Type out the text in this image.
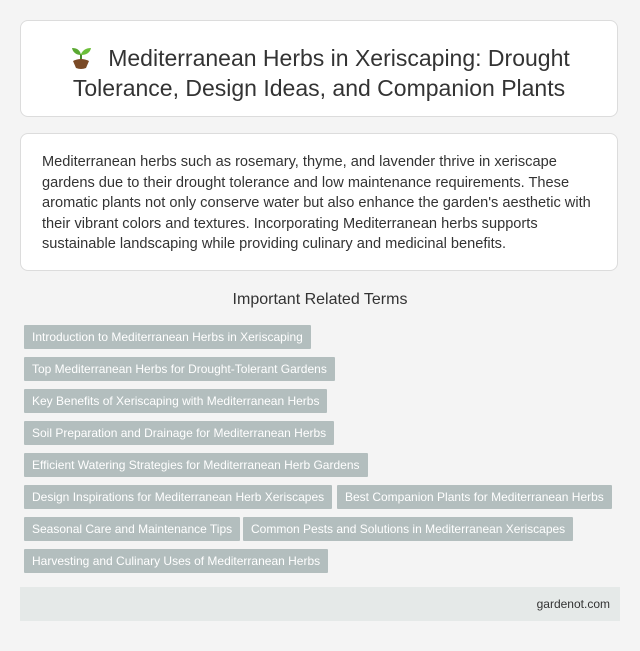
Mediterranean Herbs in Xeriscaping: Drought Tolerance, Design Ideas, and Companion Plants

Mediterranean herbs such as rosemary, thyme, and lavender thrive in xeriscape gardens due to their drought tolerance and low maintenance requirements. These aromatic plants not only conserve water but also enhance the garden's aesthetic with their vibrant colors and textures. Incorporating Mediterranean herbs supports sustainable landscaping while providing culinary and medicinal benefits.

Important Related Terms
Introduction to Mediterranean Herbs in Xeriscaping
Top Mediterranean Herbs for Drought-Tolerant Gardens
Key Benefits of Xeriscaping with Mediterranean Herbs
Soil Preparation and Drainage for Mediterranean Herbs
Efficient Watering Strategies for Mediterranean Herb Gardens
Design Inspirations for Mediterranean Herb Xeriscapes	Best Companion Plants for Mediterranean Herbs
Seasonal Care and Maintenance Tips	Common Pests and Solutions in Mediterranean Xeriscapes
Harvesting and Culinary Uses of Mediterranean Herbs
gardenot.com
